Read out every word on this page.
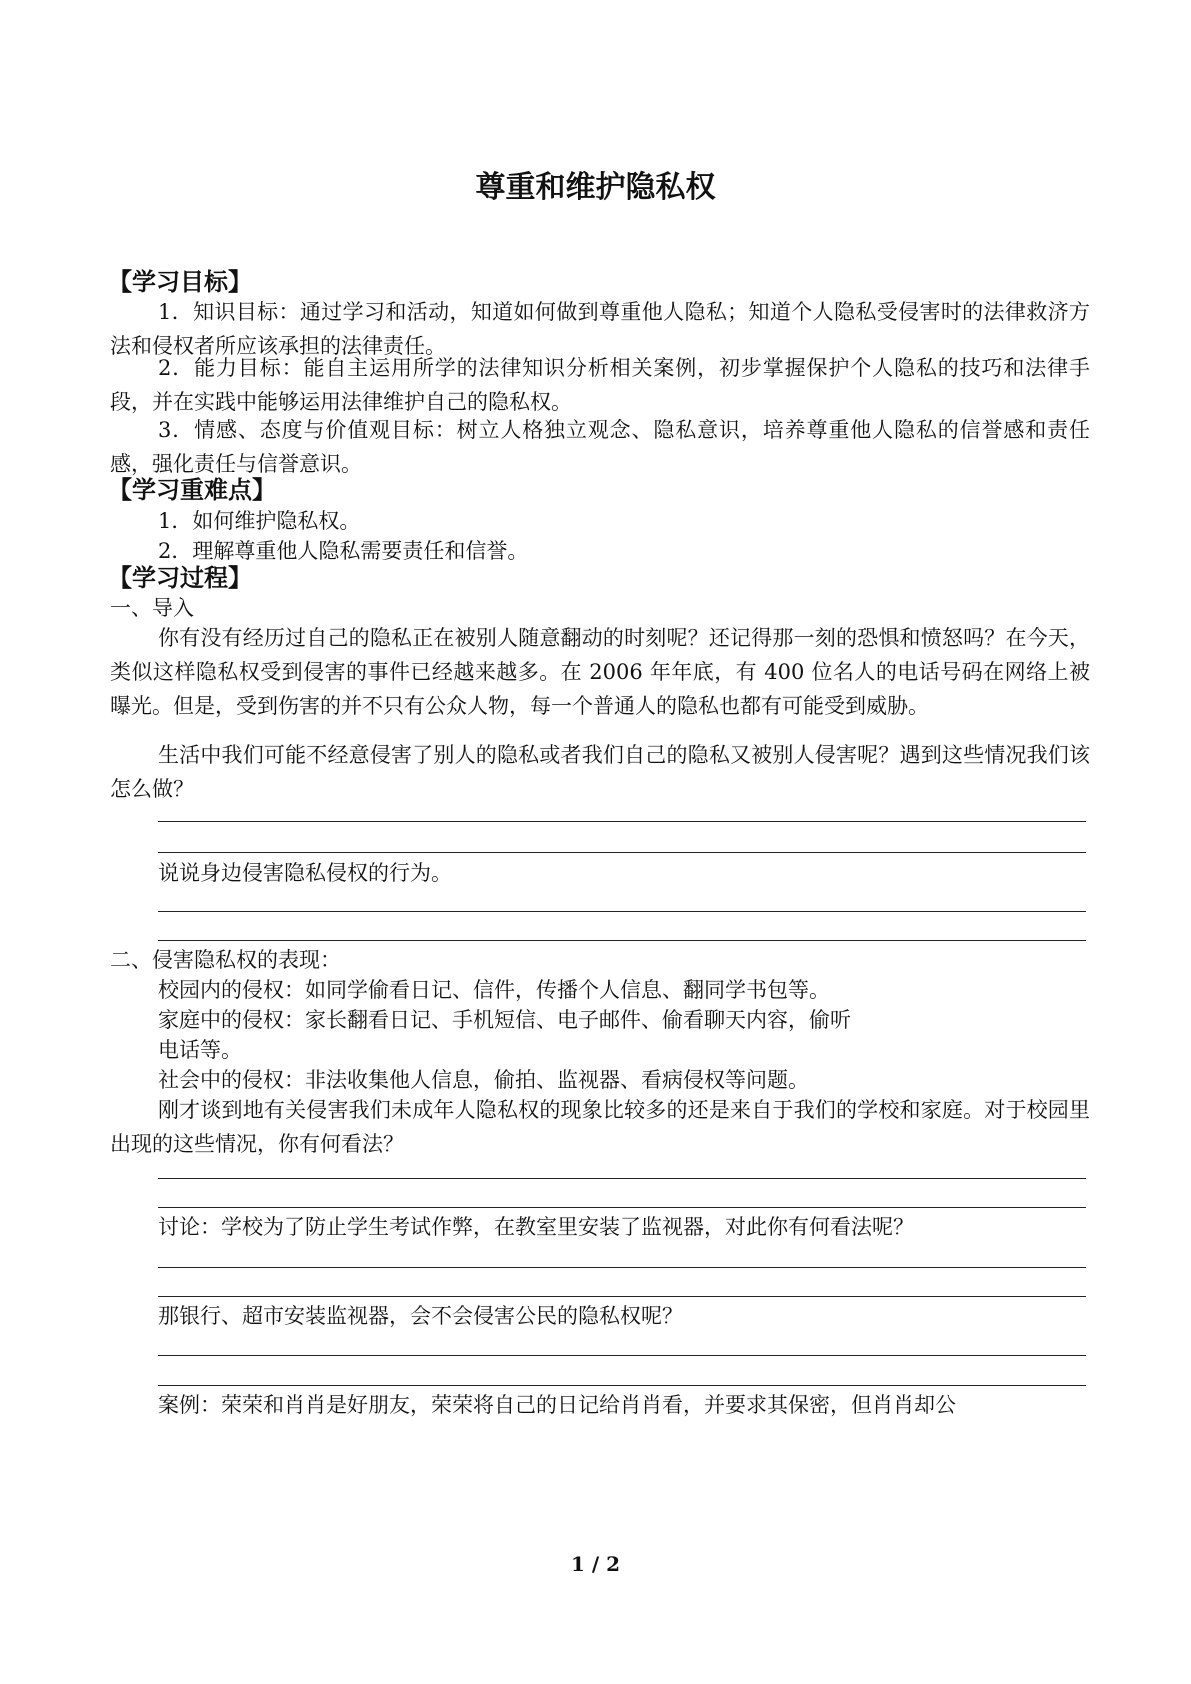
尊重和维护隐私权
【学习目标】

1．知识目标：通过学习和活动，知道如何做到尊重他人隐私；知道个人隐私受侵害时的法律救济方法和侵权者所应该承担的法律责任。

2．能力目标：能自主运用所学的法律知识分析相关案例，初步掌握保护个人隐私的技巧和法律手段，并在实践中能够运用法律维护自己的隐私权。

3．情感、态度与价值观目标：树立人格独立观念、隐私意识，培养尊重他人隐私的信誉感和责任感，强化责任与信誉意识。

【学习重难点】

1．如何维护隐私权。

2．理解尊重他人隐私需要责任和信誉。

【学习过程】

一、导入

你有没有经历过自己的隐私正在被别人随意翻动的时刻呢？还记得那一刻的恐惧和愤怒吗？在今天，类似这样隐私权受到侵害的事件已经越来越多。在 2006 年年底，有 400 位名人的电话号码在网络上被曝光。但是，受到伤害的并不只有公众人物，每一个普通人的隐私也都有可能受到威胁。

生活中我们可能不经意侵害了别人的隐私或者我们自己的隐私又被别人侵害呢？遇到这些情况我们该怎么做？

说说身边侵害隐私侵权的行为。

二、侵害隐私权的表现：

校园内的侵权：如同学偷看日记、信件，传播个人信息、翻同学书包等。

家庭中的侵权：家长翻看日记、手机短信、电子邮件、偷看聊天内容，偷听

电话等。

社会中的侵权：非法收集他人信息，偷拍、监视器、看病侵权等问题。

刚才谈到地有关侵害我们未成年人隐私权的现象比较多的还是来自于我们的学校和家庭。对于校园里出现的这些情况，你有何看法？

讨论：学校为了防止学生考试作弊，在教室里安装了监视器，对此你有何看法呢？

那银行、超市安装监视器，会不会侵害公民的隐私权呢？

案例：荣荣和肖肖是好朋友，荣荣将自己的日记给肖肖看，并要求其保密，但肖肖却公

1 / 2
